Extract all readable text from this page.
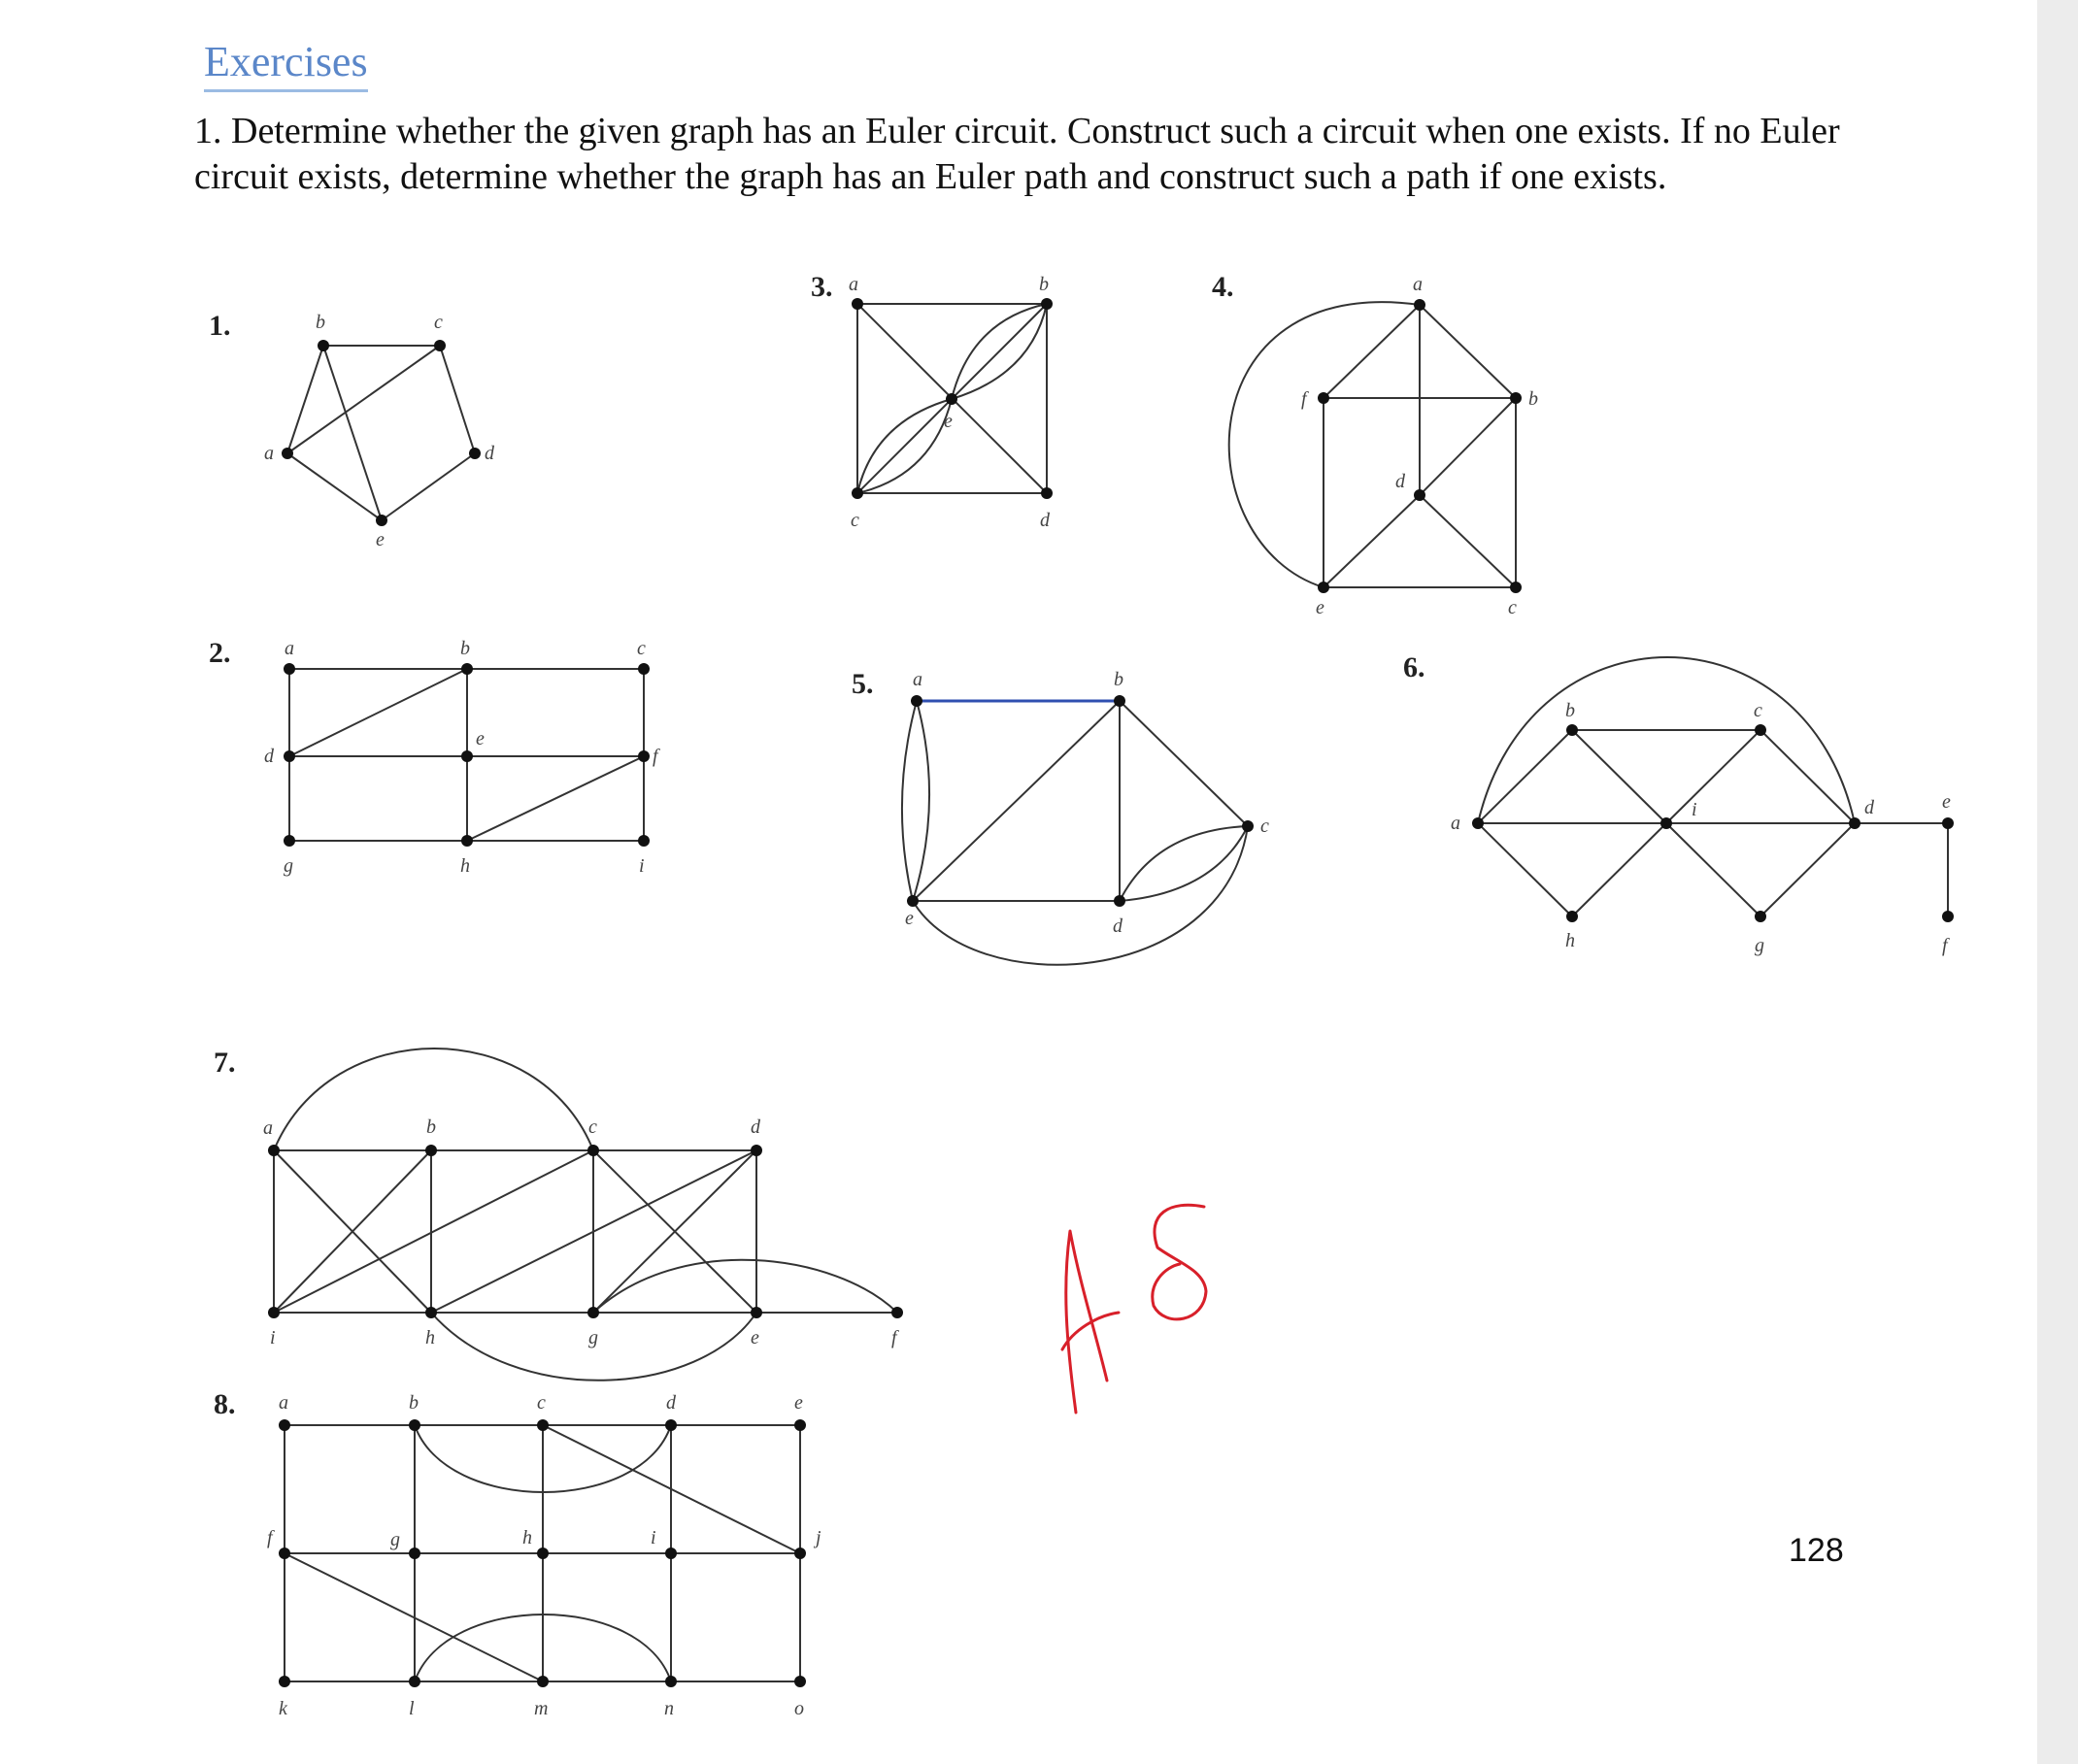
Exercises
1. Determine whether the given graph has an Euler circuit. Construct such a circuit when one exists. If no Euler circuit exists, determine whether the graph has an Euler path and construct such a path if one exists.
128
1.
2.
3.	4.
5.
6.
7.
8.
a
b	c
d
e
a	b
c	d
e
a
b
c
d
e
f
a	b	c
d
e
f
g	h	i
a	b
c
d
e
a
b	c
d	e
f
g
h
i
a	b	c	d
e	f
g
h
i
a	b	c	d	e
f	g	h	i	j
k	l	m	n	o
